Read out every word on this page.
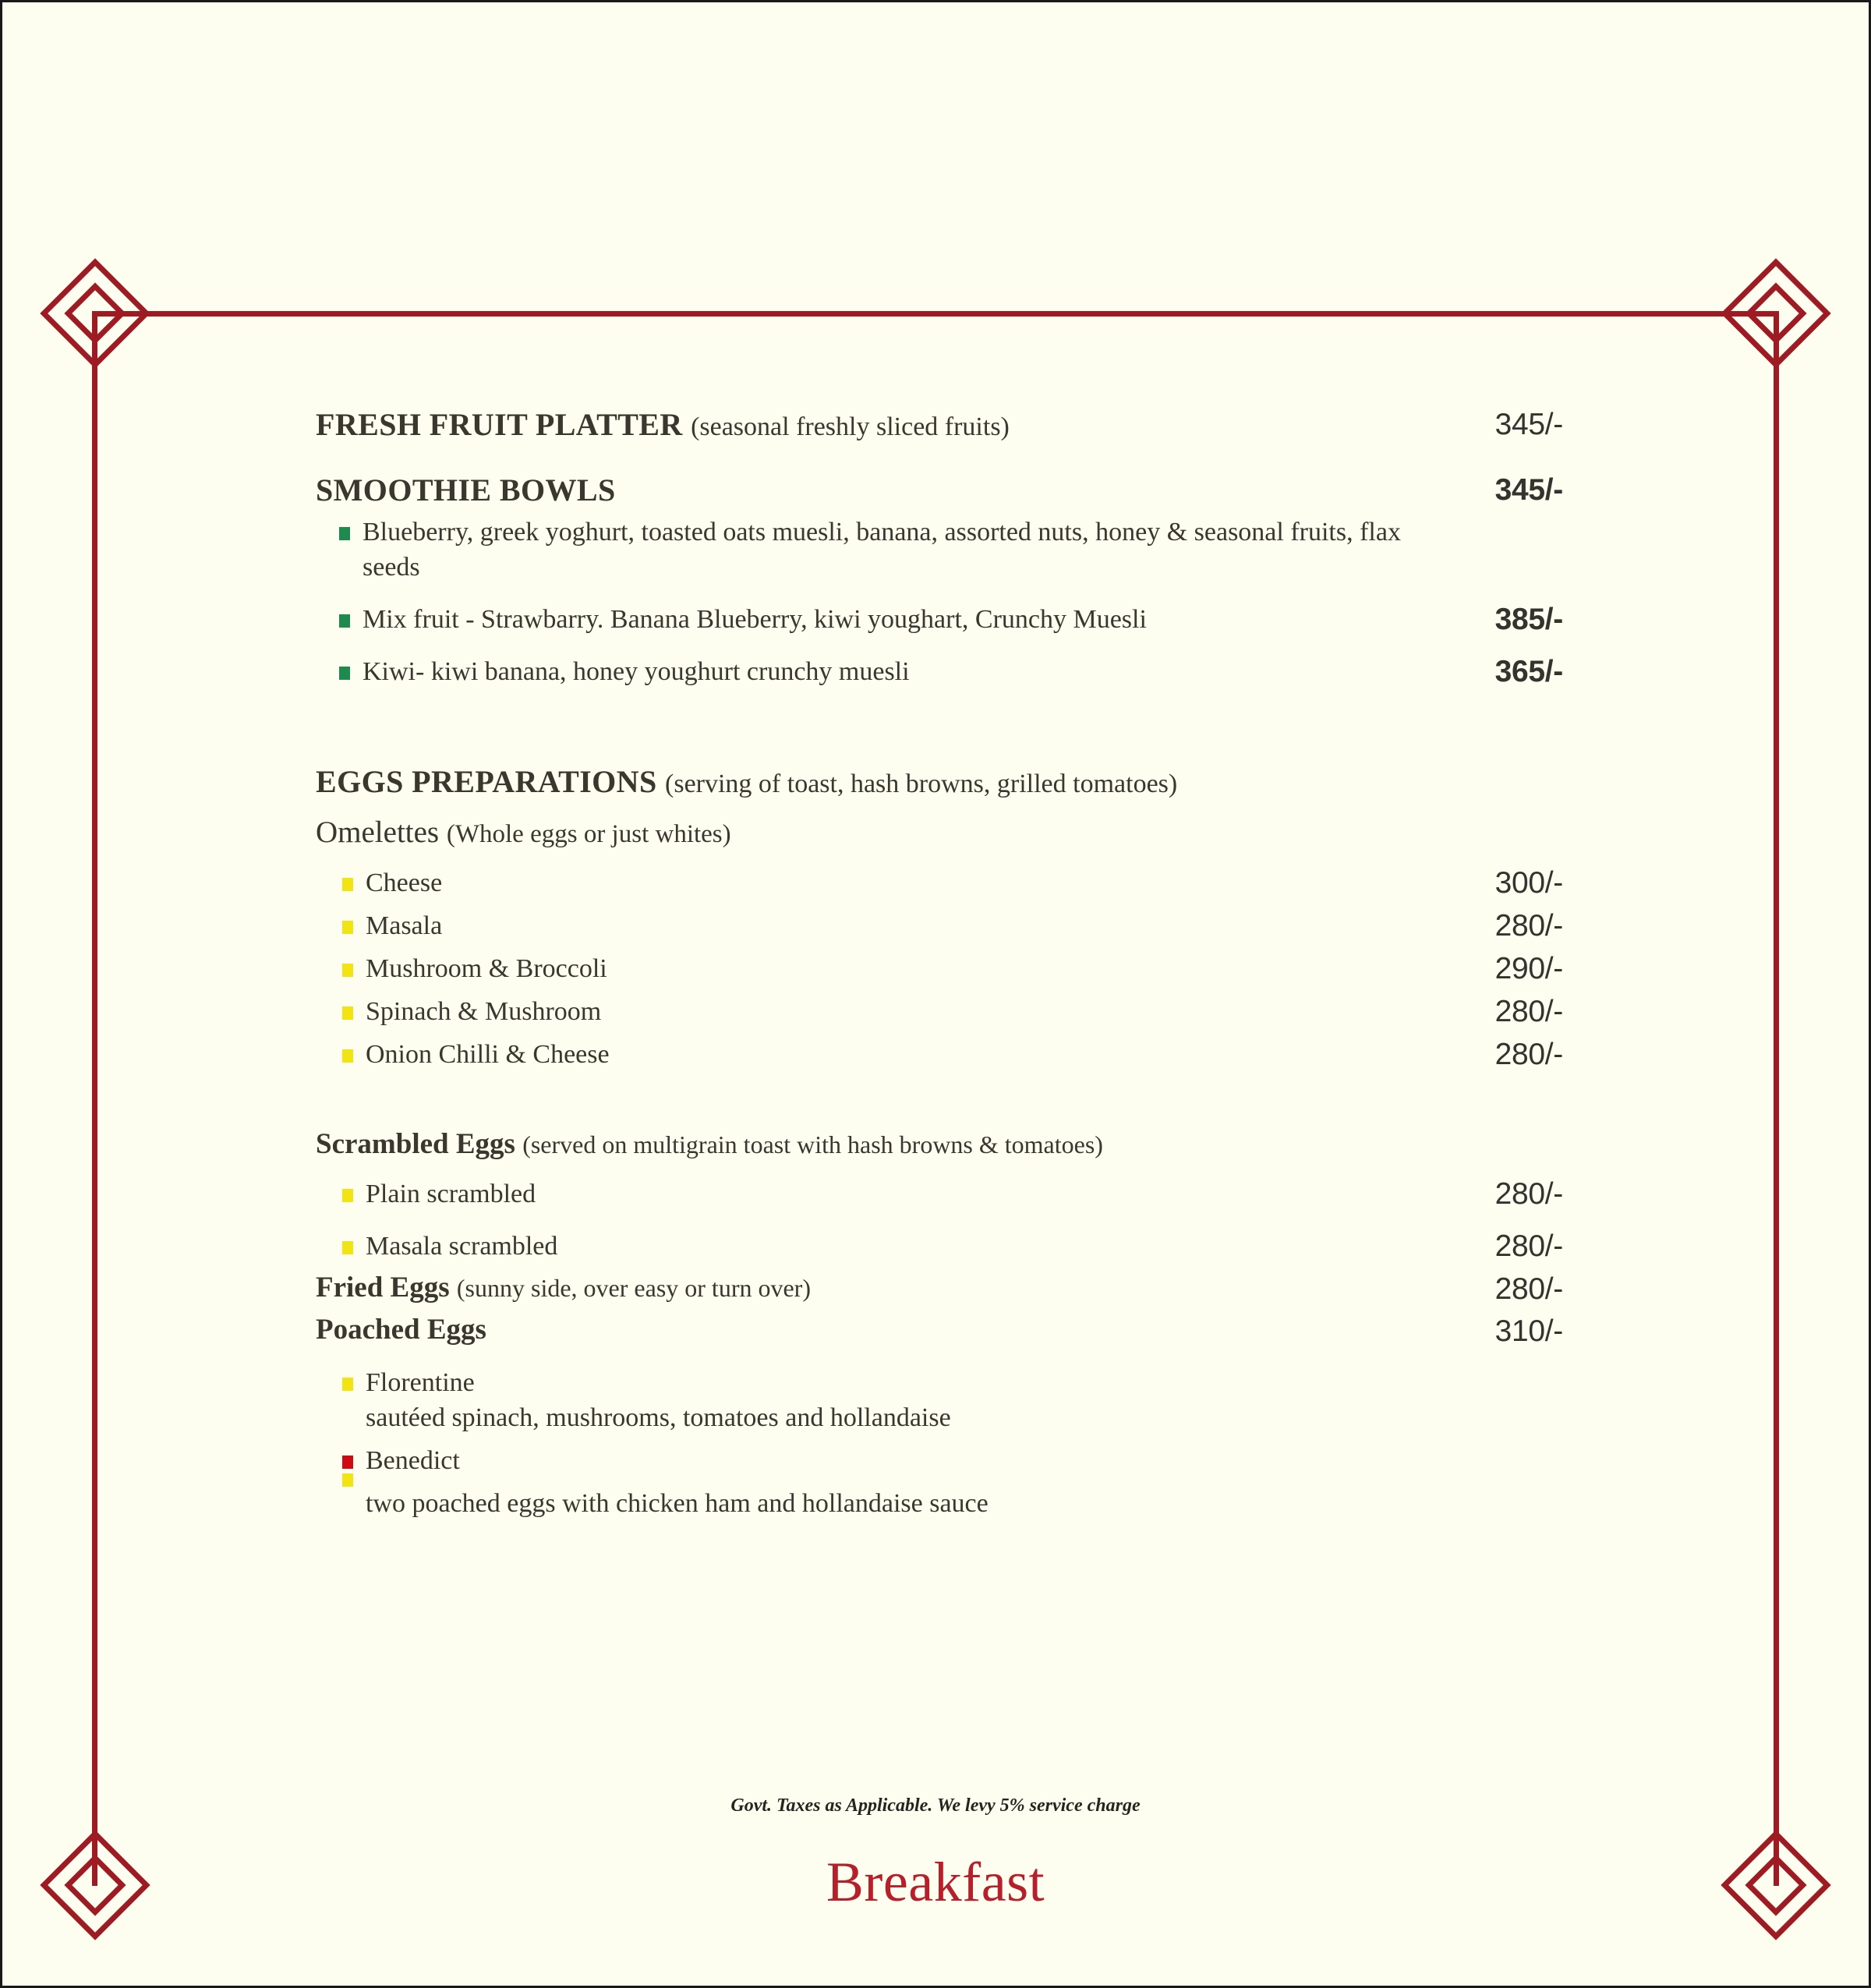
FRESH FRUIT PLATTER (seasonal freshly sliced fruits)	345/-
SMOOTHIE BOWLS	345/-
Blueberry, greek yoghurt, toasted oats muesli, banana, assorted nuts, honey & seasonal fruits, flax seeds
Mix fruit - Strawbarry. Banana Blueberry, kiwi youghart, Crunchy Muesli	385/-
Kiwi- kiwi banana, honey youghurt crunchy muesli	365/-
EGGS PREPARATIONS (serving of toast, hash browns, grilled tomatoes)
Omelettes (Whole eggs or just whites)
Cheese	300/-
Masala	280/-
Mushroom & Broccoli	290/-
Spinach & Mushroom	280/-
Onion Chilli & Cheese	280/-
Scrambled Eggs (served on multigrain toast with hash browns & tomatoes)
Plain scrambled	280/-
Masala scrambled	280/-
Fried Eggs (sunny side, over easy or turn over)	280/-
Poached Eggs	310/-
Florentine
sautéed spinach, mushrooms, tomatoes and hollandaise
Benedict
two poached eggs with chicken ham and hollandaise sauce
Govt. Taxes as Applicable. We levy 5% service charge
Breakfast
